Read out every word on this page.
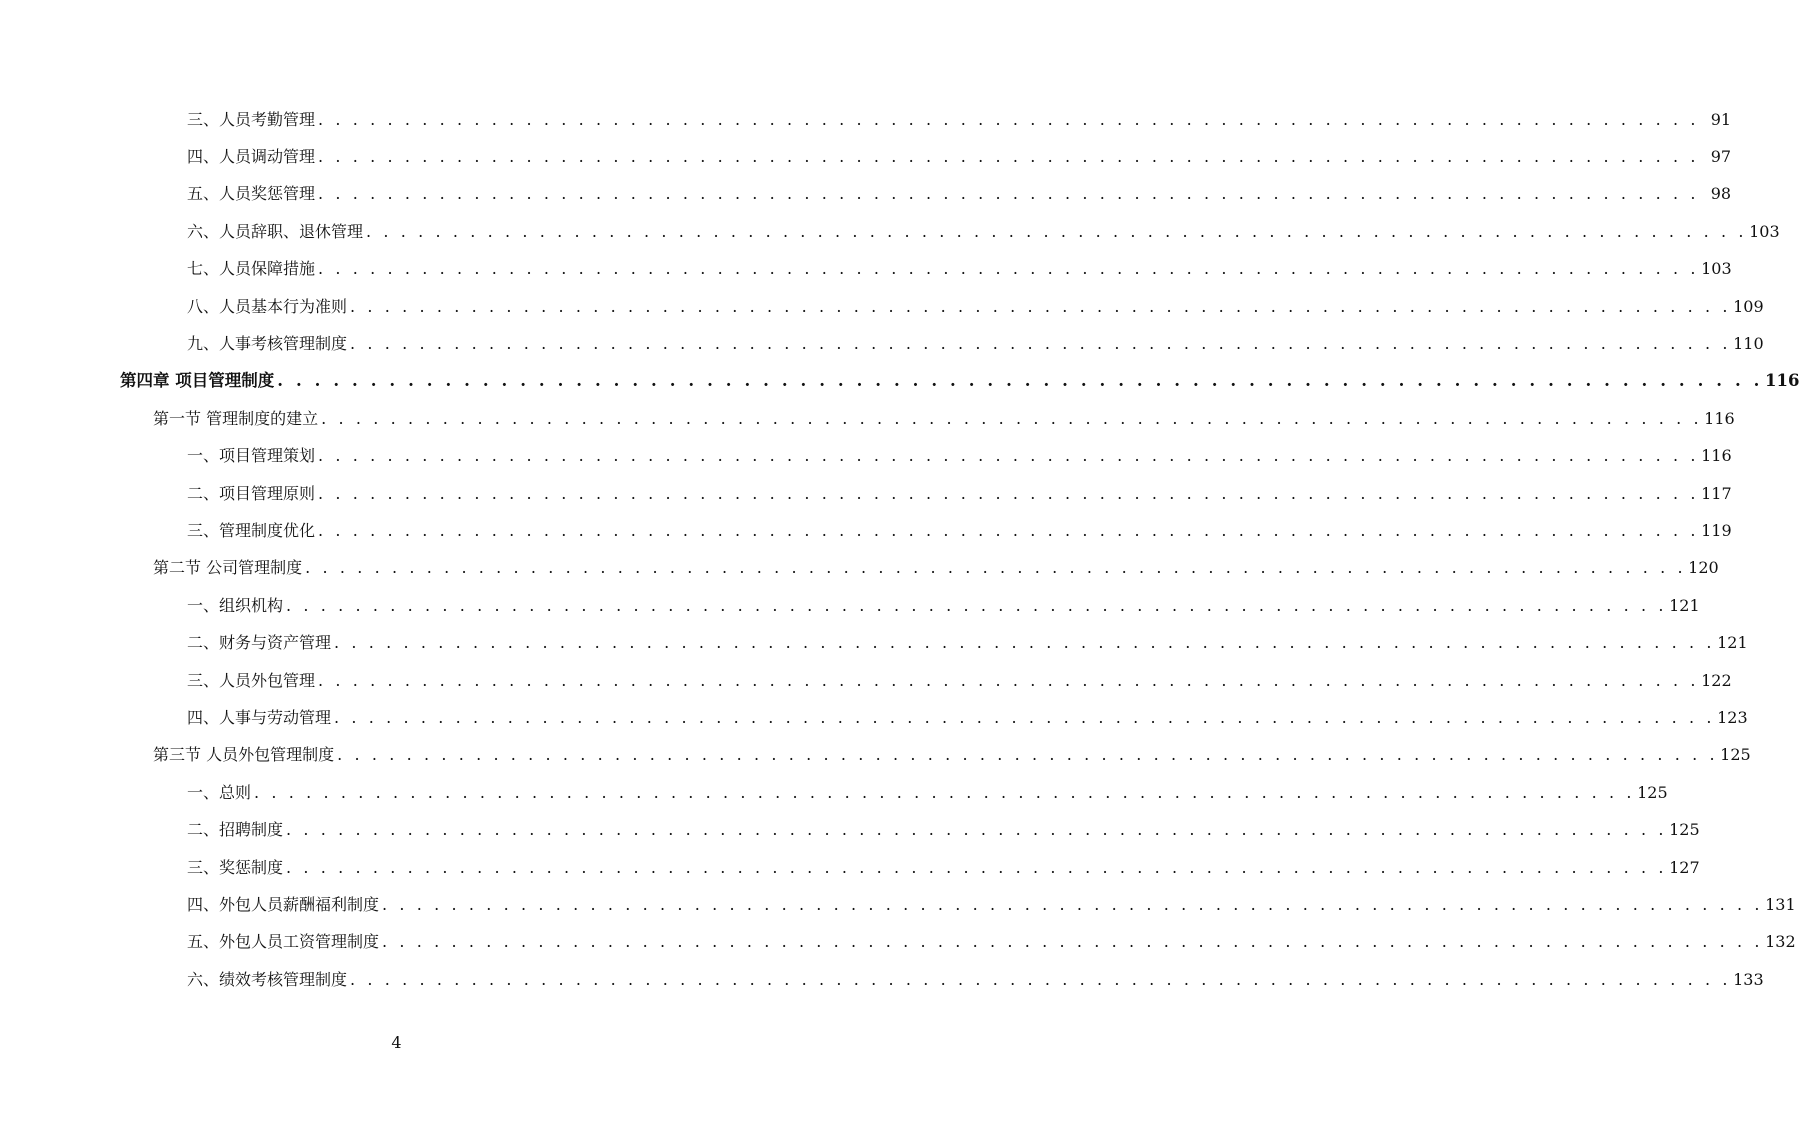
三、人员考勤管理 . . . . . . . . . . . . . . . . . . . . . . . . . . . . . . . . . . . . . . . . . . . . . . . . . . . . . . . . . . . . . . . . . . . . . . . . . . . . . . . . 91
四、人员调动管理 . . . . . . . . . . . . . . . . . . . . . . . . . . . . . . . . . . . . . . . . . . . . . . . . . . . . . . . . . . . . . . . . . . . . . . . . . . . . . . . . 97
五、人员奖惩管理 . . . . . . . . . . . . . . . . . . . . . . . . . . . . . . . . . . . . . . . . . . . . . . . . . . . . . . . . . . . . . . . . . . . . . . . . . . . . . . . . 98
六、人员辞职、退休管理 . . . . . . . . . . . . . . . . . . . . . . . . . . . . . . . . . . . . . . . . . . . . . . . . . . . . . . . . . . . . . . . . . . . . . . . . . . . . . . . . 103
七、人员保障措施 . . . . . . . . . . . . . . . . . . . . . . . . . . . . . . . . . . . . . . . . . . . . . . . . . . . . . . . . . . . . . . . . . . . . . . . . . . . . . . . . 103
八、人员基本行为准则 . . . . . . . . . . . . . . . . . . . . . . . . . . . . . . . . . . . . . . . . . . . . . . . . . . . . . . . . . . . . . . . . . . . . . . . . . . . . . . . . 109
九、人事考核管理制度 . . . . . . . . . . . . . . . . . . . . . . . . . . . . . . . . . . . . . . . . . . . . . . . . . . . . . . . . . . . . . . . . . . . . . . . . . . . . . . . . 110
第四章 项目管理制度 . . . . . . . . . . . . . . . . . . . . . . . . . . . . . . . . . . . . . . . . . . . . . . . . . . . . . . . . . . . . . . . . . . . . . . . . . . . . . . . . 116
第一节 管理制度的建立 . . . . . . . . . . . . . . . . . . . . . . . . . . . . . . . . . . . . . . . . . . . . . . . . . . . . . . . . . . . . . . . . . . . . . . . . . . . . . . . . 116
一、项目管理策划 . . . . . . . . . . . . . . . . . . . . . . . . . . . . . . . . . . . . . . . . . . . . . . . . . . . . . . . . . . . . . . . . . . . . . . . . . . . . . . . . 116
二、项目管理原则 . . . . . . . . . . . . . . . . . . . . . . . . . . . . . . . . . . . . . . . . . . . . . . . . . . . . . . . . . . . . . . . . . . . . . . . . . . . . . . . . 117
三、管理制度优化 . . . . . . . . . . . . . . . . . . . . . . . . . . . . . . . . . . . . . . . . . . . . . . . . . . . . . . . . . . . . . . . . . . . . . . . . . . . . . . . . 119
第二节 公司管理制度 . . . . . . . . . . . . . . . . . . . . . . . . . . . . . . . . . . . . . . . . . . . . . . . . . . . . . . . . . . . . . . . . . . . . . . . . . . . . . . . . 120
一、组织机构 . . . . . . . . . . . . . . . . . . . . . . . . . . . . . . . . . . . . . . . . . . . . . . . . . . . . . . . . . . . . . . . . . . . . . . . . . . . . . . . . 121
二、财务与资产管理 . . . . . . . . . . . . . . . . . . . . . . . . . . . . . . . . . . . . . . . . . . . . . . . . . . . . . . . . . . . . . . . . . . . . . . . . . . . . . . . . 121
三、人员外包管理 . . . . . . . . . . . . . . . . . . . . . . . . . . . . . . . . . . . . . . . . . . . . . . . . . . . . . . . . . . . . . . . . . . . . . . . . . . . . . . . . 122
四、人事与劳动管理 . . . . . . . . . . . . . . . . . . . . . . . . . . . . . . . . . . . . . . . . . . . . . . . . . . . . . . . . . . . . . . . . . . . . . . . . . . . . . . . . 123
第三节 人员外包管理制度 . . . . . . . . . . . . . . . . . . . . . . . . . . . . . . . . . . . . . . . . . . . . . . . . . . . . . . . . . . . . . . . . . . . . . . . . . . . . . . . . 125
一、总则 . . . . . . . . . . . . . . . . . . . . . . . . . . . . . . . . . . . . . . . . . . . . . . . . . . . . . . . . . . . . . . . . . . . . . . . . . . . . . . . . 125
二、招聘制度 . . . . . . . . . . . . . . . . . . . . . . . . . . . . . . . . . . . . . . . . . . . . . . . . . . . . . . . . . . . . . . . . . . . . . . . . . . . . . . . . 125
三、奖惩制度 . . . . . . . . . . . . . . . . . . . . . . . . . . . . . . . . . . . . . . . . . . . . . . . . . . . . . . . . . . . . . . . . . . . . . . . . . . . . . . . . 127
四、外包人员薪酬福利制度 . . . . . . . . . . . . . . . . . . . . . . . . . . . . . . . . . . . . . . . . . . . . . . . . . . . . . . . . . . . . . . . . . . . . . . . . . . . . . . . . 131
五、外包人员工资管理制度 . . . . . . . . . . . . . . . . . . . . . . . . . . . . . . . . . . . . . . . . . . . . . . . . . . . . . . . . . . . . . . . . . . . . . . . . . . . . . . . . 132
六、绩效考核管理制度 . . . . . . . . . . . . . . . . . . . . . . . . . . . . . . . . . . . . . . . . . . . . . . . . . . . . . . . . . . . . . . . . . . . . . . . . . . . . . . . . 133
4
